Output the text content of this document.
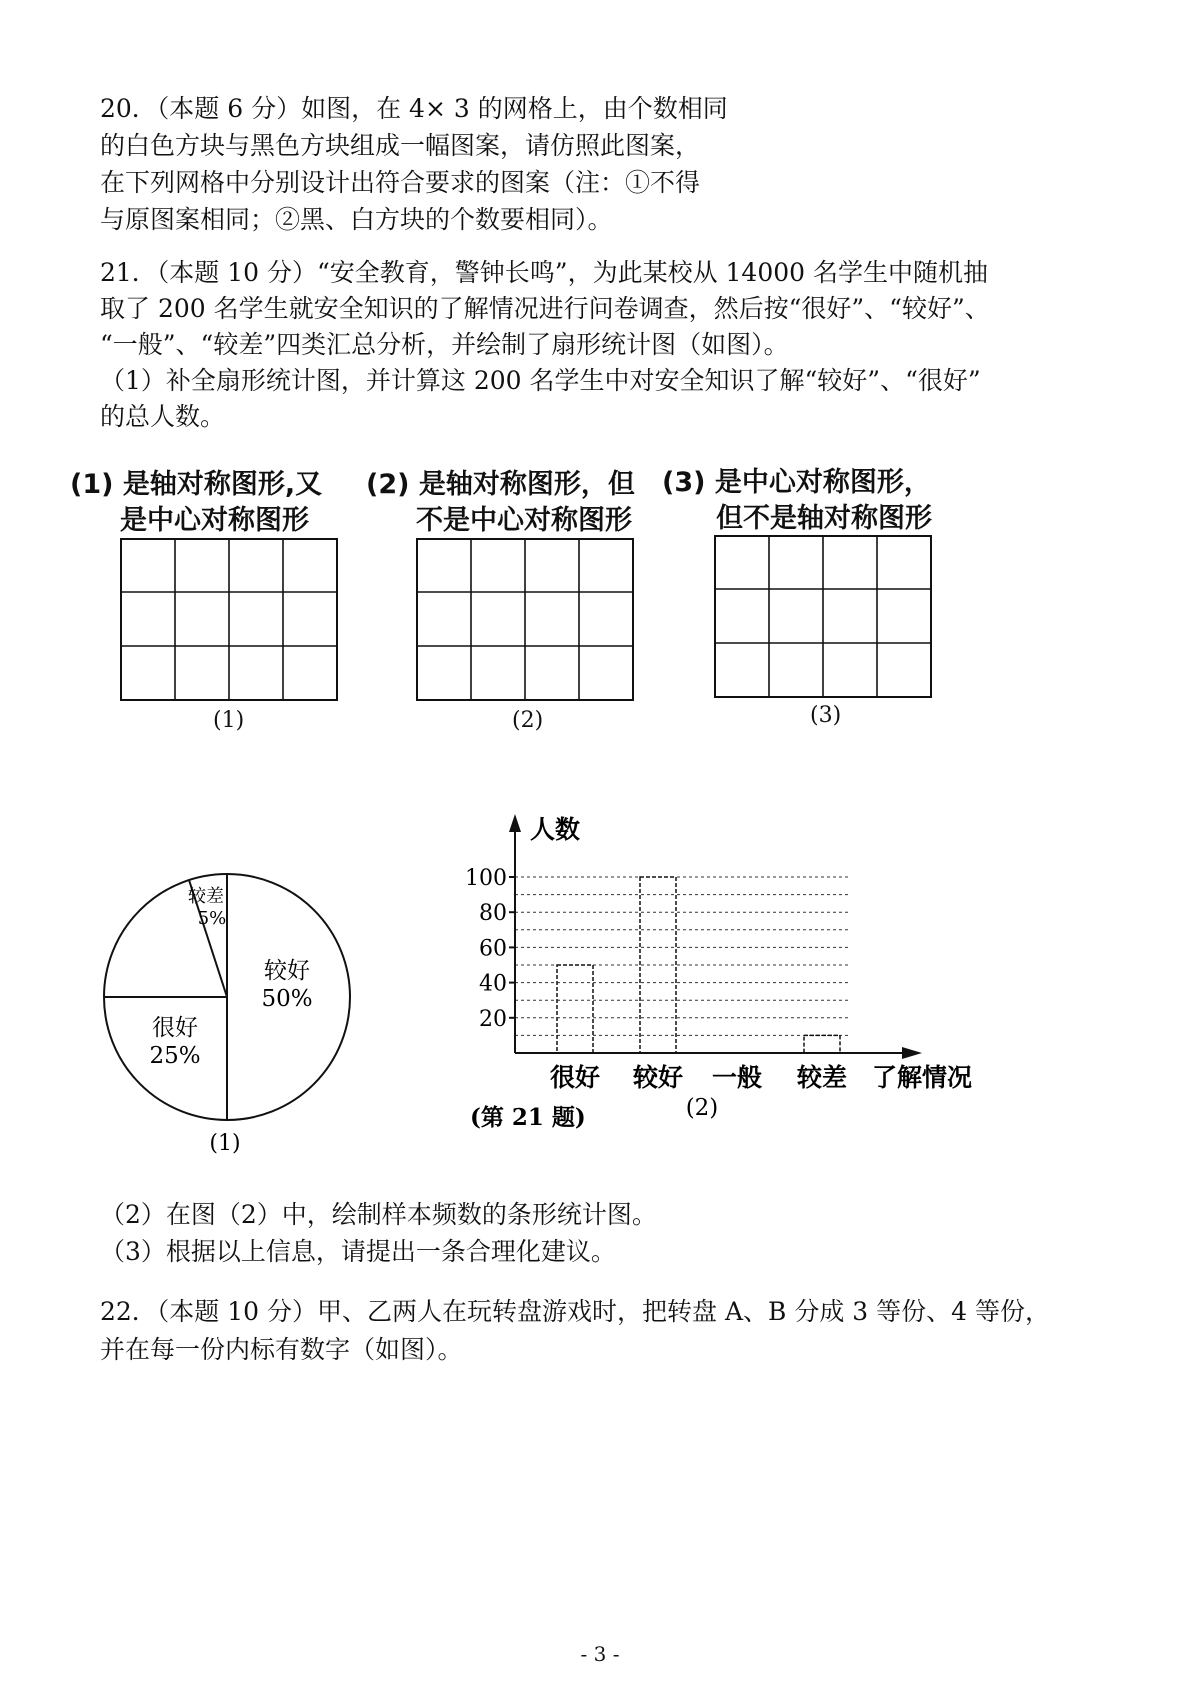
20．（本题 6 分）如图，在 4× 3 的网格上，由个数相同
的白色方块与黑色方块组成一幅图案，请仿照此图案，
在下列网格中分别设计出符合要求的图案（注：①不得
与原图案相同；②黑、白方块的个数要相同）。
21．（本题 10 分）“安全教育，警钟长鸣”，为此某校从 14000 名学生中随机抽
取了 200 名学生就安全知识的了解情况进行问卷调查，然后按“很好”、“较好”、
“一般”、“较差”四类汇总分析，并绘制了扇形统计图（如图）。
（1）补全扇形统计图，并计算这 200 名学生中对安全知识了解“较好”、“很好”
的总人数。
(1) 是轴对称图形,又
是中心对称图形
(1)
(2) 是轴对称图形，但
不是中心对称图形
(2)
(3) 是中心对称图形，
但不是轴对称图形
(3)
较好
50%
很好
25%
较差
5%
(1)
人数
了解情况
20
40
60
80
100
很好 较好 一般 较差
(第 21 题)	(2)
（2）在图（2）中，绘制样本频数的条形统计图。
（3）根据以上信息，请提出一条合理化建议。
22．（本题 10 分）甲、乙两人在玩转盘游戏时，把转盘 A、B 分成 3 等份、4 等份，
并在每一份内标有数字（如图）。
- 3 -
